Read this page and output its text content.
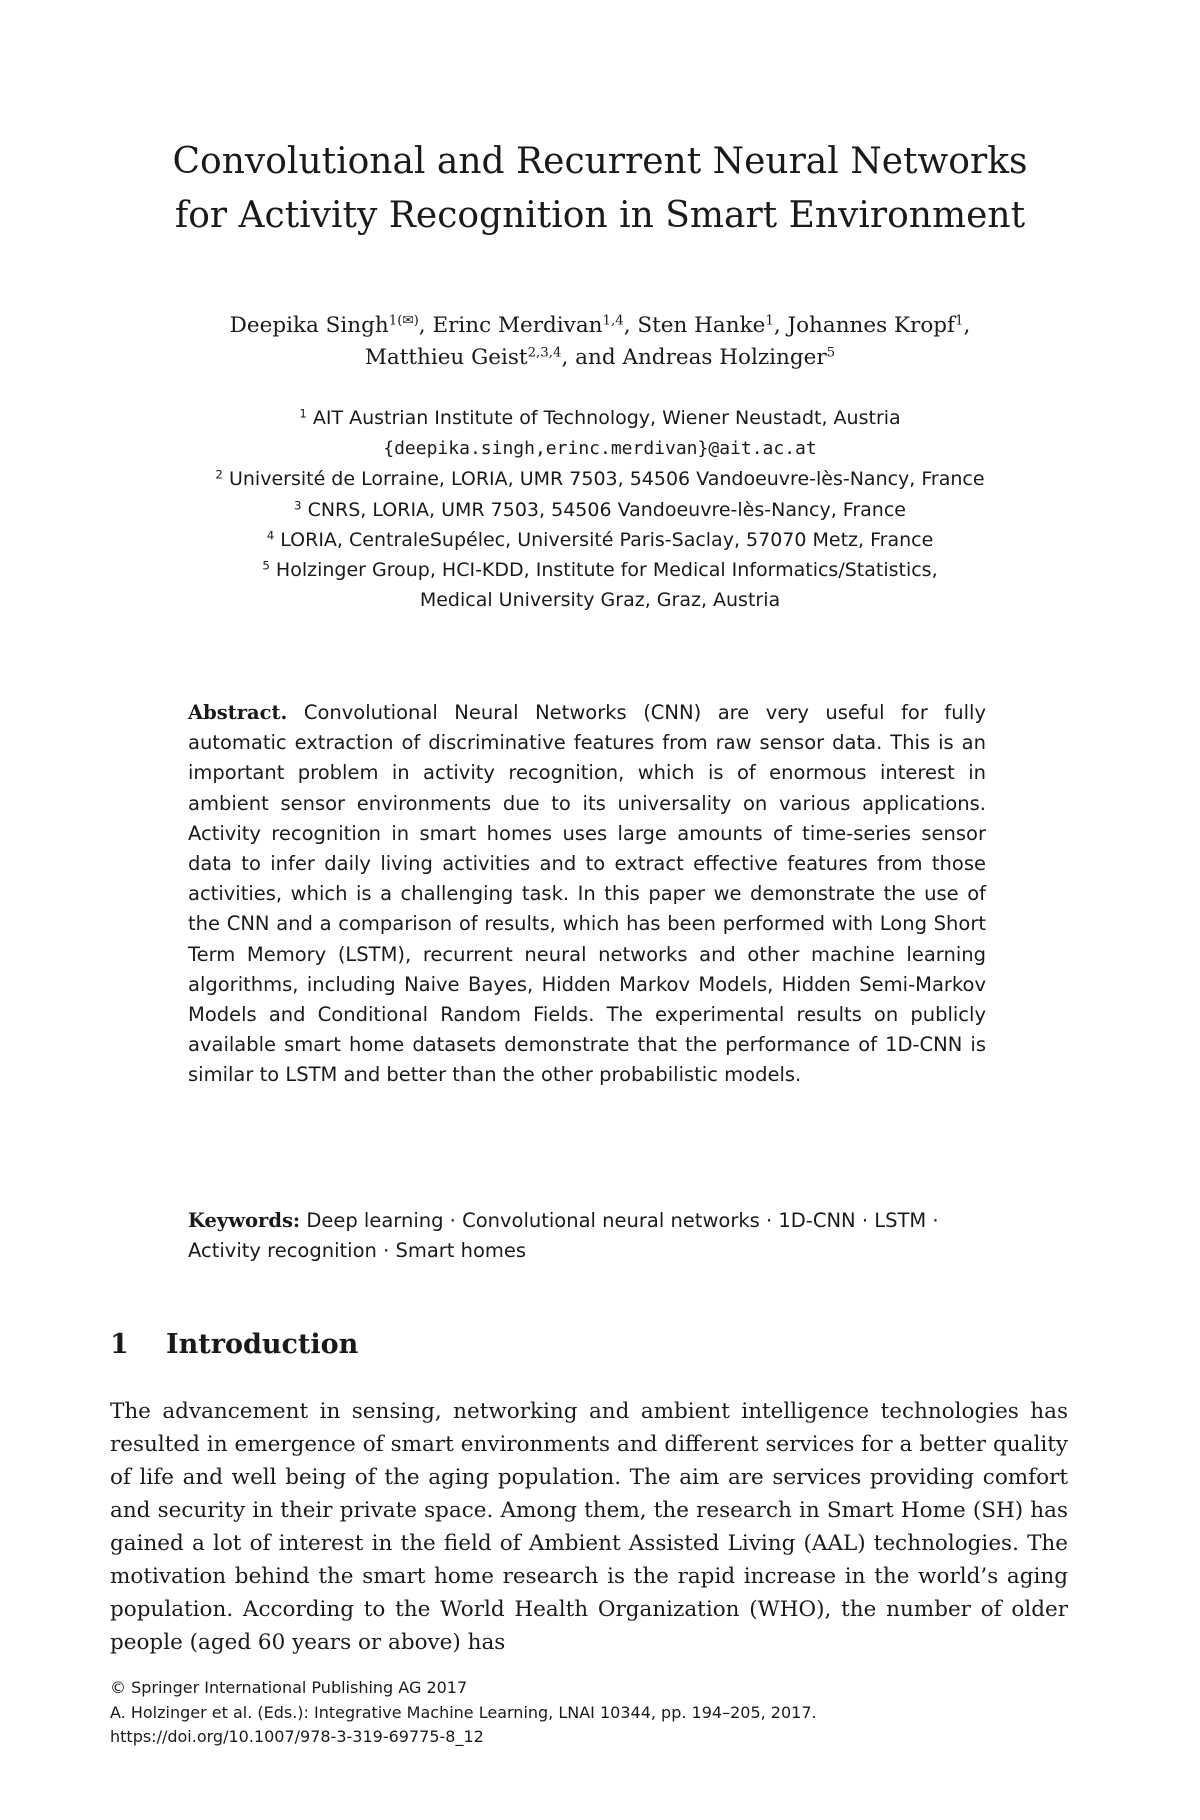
Convolutional and Recurrent Neural Networks
for Activity Recognition in Smart Environment
Deepika Singh$^{1(✉)}$, Erinc Merdivan$^{1,4}$, Sten Hanke$^1$, Johannes Kropf$^1$,
Matthieu Geist$^{2,3,4}$, and Andreas Holzinger$^5$
$^1$ AIT Austrian Institute of Technology, Wiener Neustadt, Austria
{deepika.singh,erinc.merdivan}@ait.ac.at
$^2$ Université de Lorraine, LORIA, UMR 7503, 54506 Vandoeuvre-lès-Nancy, France
$^3$ CNRS, LORIA, UMR 7503, 54506 Vandoeuvre-lès-Nancy, France
$^4$ LORIA, CentraleSupélec, Université Paris-Saclay, 57070 Metz, France
$^5$ Holzinger Group, HCI-KDD, Institute for Medical Informatics/Statistics,
Medical University Graz, Graz, Austria
Abstract. Convolutional Neural Networks (CNN) are very useful for fully automatic extraction of discriminative features from raw sensor data. This is an important problem in activity recognition, which is of enormous interest in ambient sensor environments due to its universality on various applications. Activity recognition in smart homes uses large amounts of time-series sensor data to infer daily living activities and to extract effective features from those activities, which is a challenging task. In this paper we demonstrate the use of the CNN and a comparison of results, which has been performed with Long Short Term Memory (LSTM), recurrent neural networks and other machine learning algorithms, including Naive Bayes, Hidden Markov Models, Hidden Semi-Markov Models and Conditional Random Fields. The experimental results on publicly available smart home datasets demonstrate that the performance of 1D-CNN is similar to LSTM and better than the other probabilistic models.
Keywords: Deep learning · Convolutional neural networks · 1D-CNN · LSTM · Activity recognition · Smart homes
1 Introduction
The advancement in sensing, networking and ambient intelligence technologies has resulted in emergence of smart environments and different services for a better quality of life and well being of the aging population. The aim are services providing comfort and security in their private space. Among them, the research in Smart Home (SH) has gained a lot of interest in the field of Ambient Assisted Living (AAL) technologies. The motivation behind the smart home research is the rapid increase in the world’s aging population. According to the World Health Organization (WHO), the number of older people (aged 60 years or above) has
© Springer International Publishing AG 2017
A. Holzinger et al. (Eds.): Integrative Machine Learning, LNAI 10344, pp. 194–205, 2017.
https://doi.org/10.1007/978-3-319-69775-8_12
